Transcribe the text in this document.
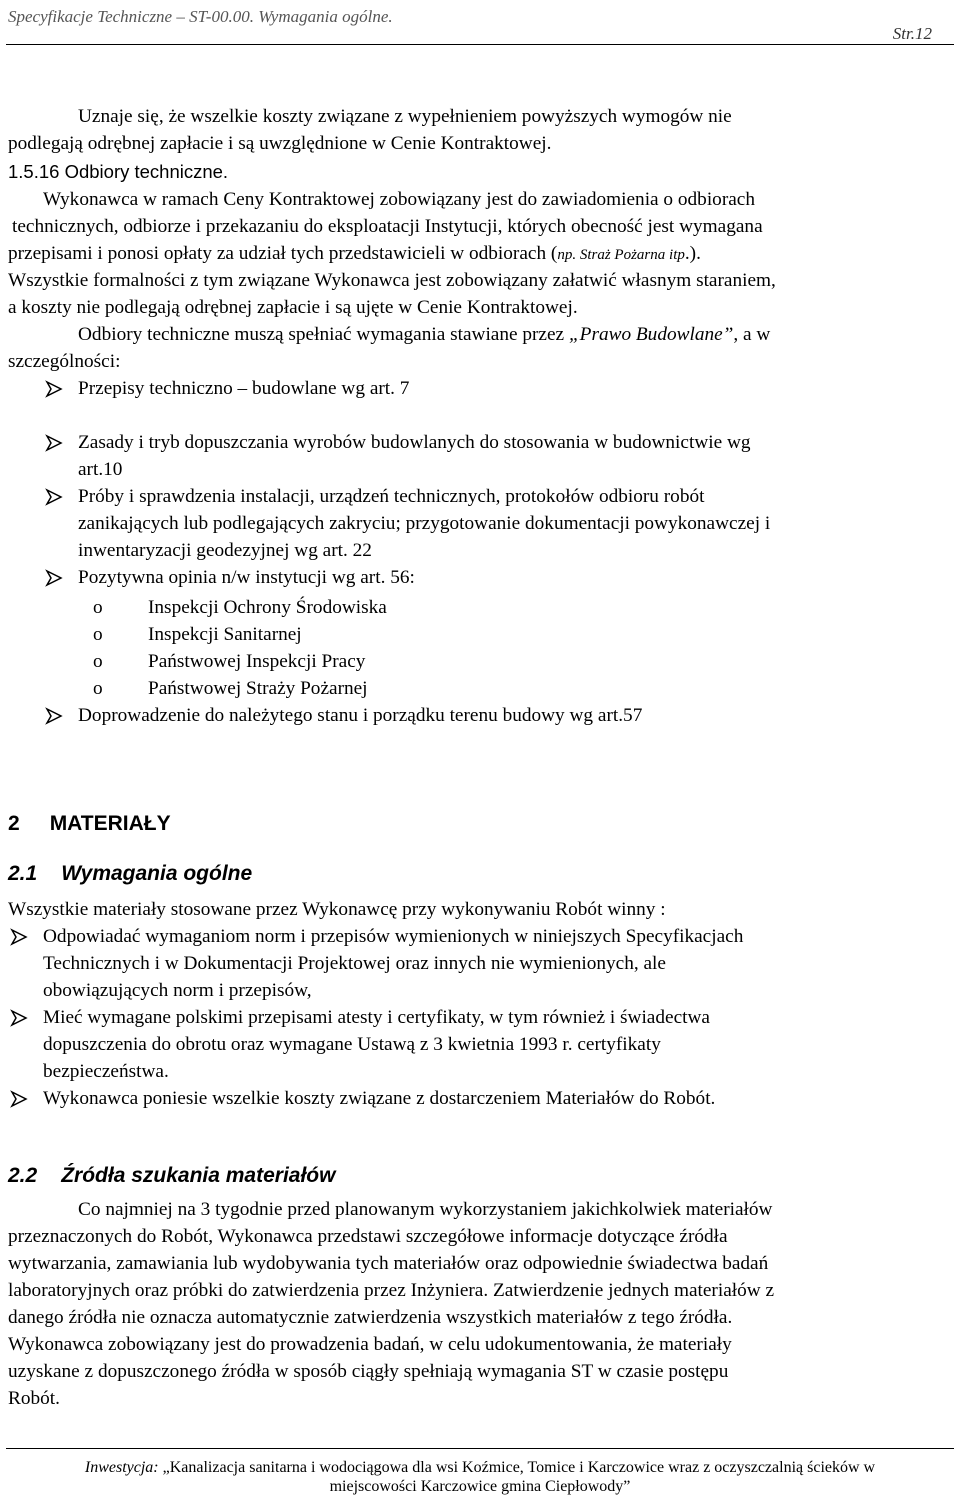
Specyfikacje Techniczne – ST-00.00. Wymagania ogólne.
Str.12
Uznaje się, że wszelkie koszty związane z wypełnieniem powyższych wymogów nie
podlegają odrębnej zapłacie i są uwzględnione w Cenie Kontraktowej.
1.5.16 Odbiory techniczne.
Wykonawca w ramach Ceny Kontraktowej zobowiązany jest do zawiadomienia o odbiorach
technicznych, odbiorze i przekazaniu do eksploatacji Instytucji, których obecność jest wymagana
przepisami i ponosi opłaty za udział tych przedstawicieli w odbiorach (np. Straż Pożarna itp.).
Wszystkie formalności z tym związane Wykonawca jest zobowiązany załatwić własnym staraniem,
a koszty nie podlegają odrębnej zapłacie i są ujęte w Cenie Kontraktowej.
Odbiory techniczne muszą spełniać wymagania stawiane przez „Prawo Budowlane”, a w
szczególności:
Przepisy techniczno – budowlane wg art. 7
Zasady i tryb dopuszczania wyrobów budowlanych do stosowania w budownictwie wg
art.10
Próby i sprawdzenia instalacji, urządzeń technicznych, protokołów odbioru robót
zanikających lub podlegających zakryciu; przygotowanie dokumentacji powykonawczej i
inwentaryzacji geodezyjnej wg art. 22
Pozytywna opinia n/w instytucji wg art. 56:
o Inspekcji Ochrony Środowiska
o Inspekcji Sanitarnej
o Państwowej Inspekcji Pracy
o Państwowej Straży Pożarnej
Doprowadzenie do należytego stanu i porządku terenu budowy wg art.57
2 MATERIAŁY
2.1 Wymagania ogólne
Wszystkie materiały stosowane przez Wykonawcę przy wykonywaniu Robót winny :
Odpowiadać wymaganiom norm i przepisów wymienionych w niniejszych Specyfikacjach
Technicznych i w Dokumentacji Projektowej oraz innych nie wymienionych, ale
obowiązujących norm i przepisów,
Mieć wymagane polskimi przepisami atesty i certyfikaty, w tym również i świadectwa
dopuszczenia do obrotu oraz wymagane Ustawą z 3 kwietnia 1993 r. certyfikaty
bezpieczeństwa.
Wykonawca poniesie wszelkie koszty związane z dostarczeniem Materiałów do Robót.
2.2 Źródła szukania materiałów
Co najmniej na 3 tygodnie przed planowanym wykorzystaniem jakichkolwiek materiałów
przeznaczonych do Robót, Wykonawca przedstawi szczegółowe informacje dotyczące źródła
wytwarzania, zamawiania lub wydobywania tych materiałów oraz odpowiednie świadectwa badań
laboratoryjnych oraz próbki do zatwierdzenia przez Inżyniera. Zatwierdzenie jednych materiałów z
danego źródła nie oznacza automatycznie zatwierdzenia wszystkich materiałów z tego źródła.
Wykonawca zobowiązany jest do prowadzenia badań, w celu udokumentowania, że materiały
uzyskane z dopuszczonego źródła w sposób ciągły spełniają wymagania ST w czasie postępu
Robót.
Inwestycja: „Kanalizacja sanitarna i wodociągowa dla wsi Koźmice, Tomice i Karczowice wraz z oczyszczalnią ścieków w
miejscowości Karczowice gmina Ciepłowody”
